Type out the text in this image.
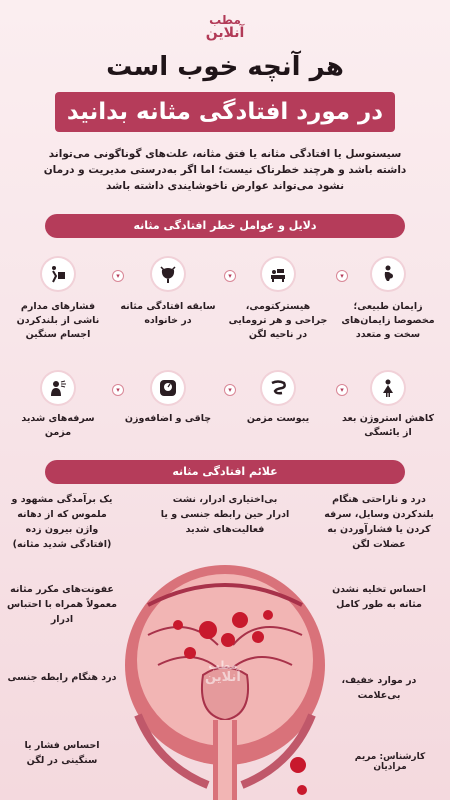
مطب
آنلاین
هر آنچه خوب است
در مورد افتادگی مثانه بدانید
سیستوسل یا افتادگی مثانه یا فتق مثانه، علت‌های گوناگونی می‌تواند داشته باشد و هرچند خطرناک نیست؛ اما اگر به‌درستی مدیریت و درمان نشود می‌تواند عوارض ناخوشایندی داشته باشد
دلایل و عوامل خطر افتادگی مثانه
▾
▾
▾
زایمان طبیعی؛ مخصوصا زایمان‌های سخت و متعدد
هیسترکتومی، جراحی و هر ترومایی در ناحیه لگن
سابقه افتادگی مثانه در خانواده
فشارهای مدارم ناشی از بلندکردن اجسام سنگین
▾
▾
▾
کاهش استروژن بعد از یائسگی
یبوست مزمن
چاقی و اضافه‌وزن
سرفه‌های شدید مزمن
علائم افتادگی مثانه
مطب
آنلاین
درد و ناراحتی هنگام بلندکردن وسایل، سرفه کردن یا فشارآوردن به عضلات لگن
احساس تخلیه نشدن مثانه به طور کامل
در موارد خفیف، بی‌علامت
بی‌اختیاری ادرار، نشت ادرار حین رابطه جنسی و یا فعالیت‌های شدید
یک برآمدگی مشهود و ملموس که از دهانه واژن بیرون زده (افتادگی شدید مثانه)
عفونت‌های مکرر مثانه معمولاً همراه با احتباس ادرار
درد هنگام رابطه جنسی
احساس فشار یا سنگینی در لگن	کارشناس: مریم مرادیان
